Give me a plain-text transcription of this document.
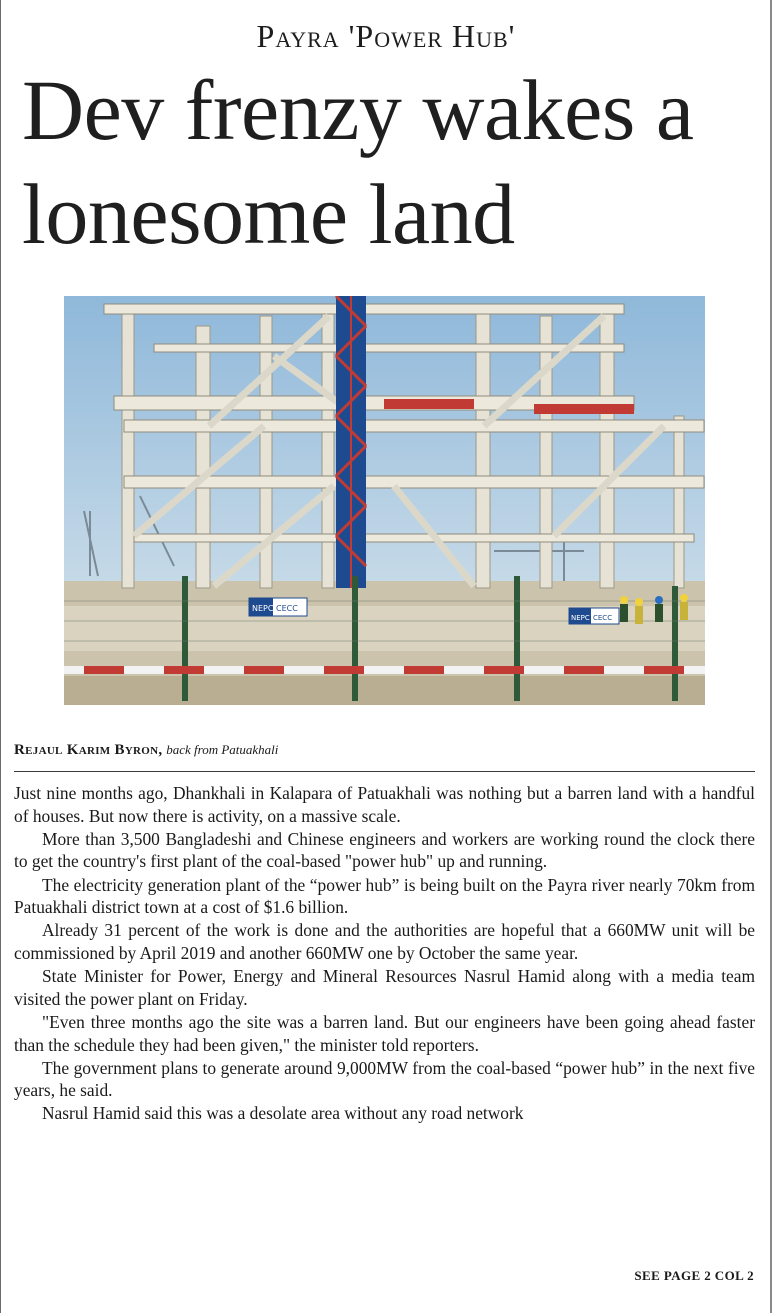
Payra 'Power Hub'
Dev frenzy wakes a lonesome land
NEPC CECC
NEPC CECC
Rejaul Karim Byron, back from Patuakhali

Just nine months ago, Dhankhali in Kalapara of Patuakhali was nothing but a barren land with a handful of houses. But now there is activity, on a massive scale.

More than 3,500 Bangladeshi and Chinese engineers and workers are working round the clock there to get the country's first plant of the coal-based "power hub" up and running.

The electricity generation plant of the “power hub” is being built on the Payra river nearly 70km from Patuakhali district town at a cost of $1.6 billion.

Already 31 percent of the work is done and the authorities are hopeful that a 660MW unit will be commissioned by April 2019 and another 660MW one by October the same year.

State Minister for Power, Energy and Mineral Resources Nasrul Hamid along with a media team visited the power plant on Friday.

"Even three months ago the site was a barren land. But our engineers have been going ahead faster than the schedule they had been given," the minister told reporters.

The government plans to generate around 9,000MW from the coal-based “power hub” in the next five years, he said.

Nasrul Hamid said this was a desolate area without any road network

SEE PAGE 2 COL 2
